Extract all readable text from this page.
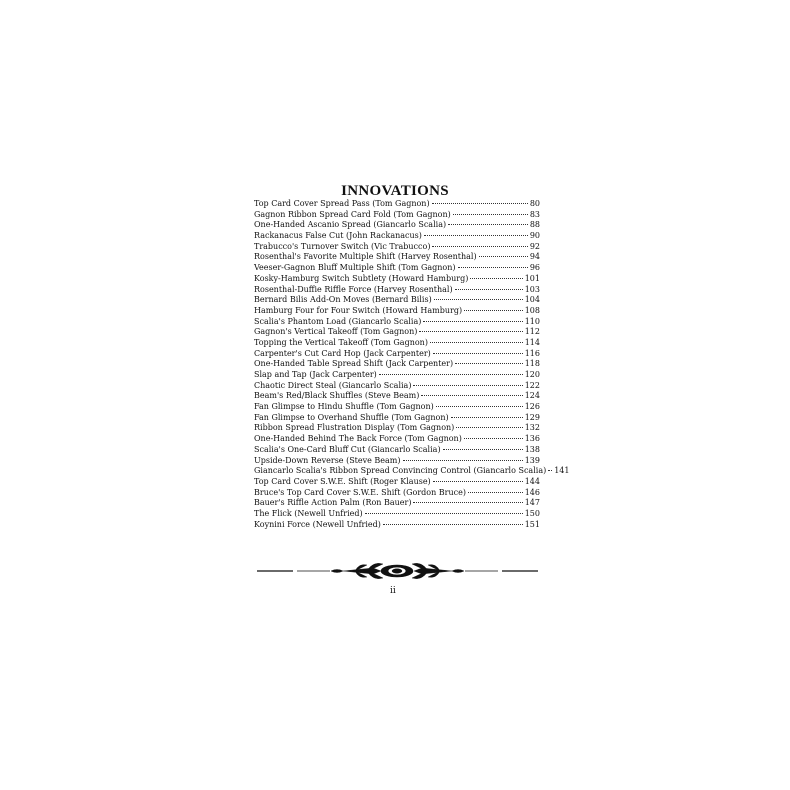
INNOVATIONS
Top Card Cover Spread Pass (Tom Gagnon)	80
Gagnon Ribbon Spread Card Fold (Tom Gagnon)	83
One-Handed Ascanio Spread (Giancarlo Scalia)	88
Rackanacus False Cut (John Rackanacus)	90
Trabucco's Turnover Switch (Vic Trabucco)	92
Rosenthal's Favorite Multiple Shift (Harvey Rosenthal)	94
Veeser-Gagnon Bluff Multiple Shift (Tom Gagnon)	96
Kosky-Hamburg Switch Subtlety (Howard Hamburg)	101
Rosenthal-Duffie Riffle Force (Harvey Rosenthal)	103
Bernard Bilis Add-On Moves (Bernard Bilis)	104
Hamburg Four for Four Switch (Howard Hamburg)	108
Scalia's Phantom Load (Giancarlo Scalia)	110
Gagnon's Vertical Takeoff (Tom Gagnon)	112
Topping the Vertical Takeoff (Tom Gagnon)	114
Carpenter's Cut Card Hop (Jack Carpenter)	116
One-Handed Table Spread Shift (Jack Carpenter)	118
Slap and Tap (Jack Carpenter)	120
Chaotic Direct Steal (Giancarlo Scalia)	122
Beam's Red/Black Shuffles (Steve Beam)	124
Fan Glimpse to Hindu Shuffle (Tom Gagnon)	126
Fan Glimpse to Overhand Shuffle (Tom Gagnon)	129
Ribbon Spread Flustration Display (Tom Gagnon)	132
One-Handed Behind The Back Force (Tom Gagnon)	136
Scalia's One-Card Bluff Cut (Giancarlo Scalia)	138
Upside-Down Reverse (Steve Beam)	139
Giancarlo Scalia's Ribbon Spread Convincing Control (Giancarlo Scalia) 141
Top Card Cover S.W.E. Shift (Roger Klause)	144
Bruce's Top Card Cover S.W.E. Shift (Gordon Bruce)	146
Bauer's Riffle Action Palm (Ron Bauer)	147
The Flick (Newell Unfried)	150
Koynini Force (Newell Unfried)	151
ii
